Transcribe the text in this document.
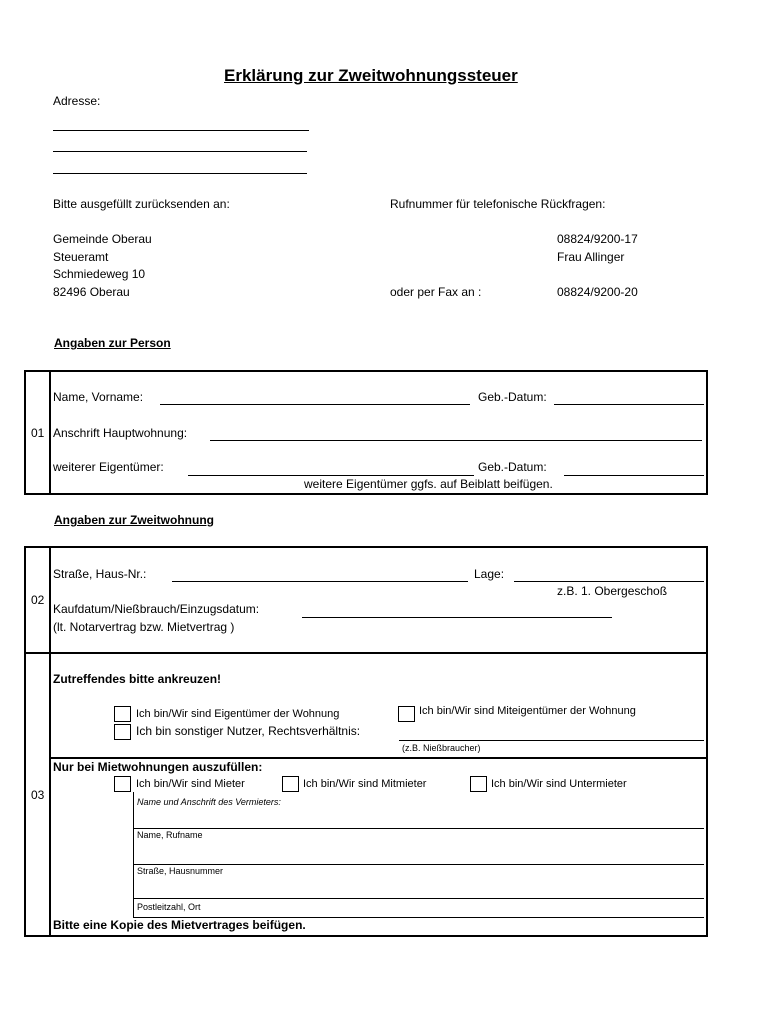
Erklärung zur Zweitwohnungssteuer
Adresse:
Bitte ausgefüllt zurücksenden an:	Rufnummer für telefonische Rückfragen:
Gemeinde Oberau
Steueramt
Schmiedeweg 10
82496 Oberau
08824/9200-17
Frau Allinger
oder per Fax an :	08824/9200-20
Angaben zur Person
01
Name, Vorname:	Geb.-Datum:
Anschrift Hauptwohnung:
weiterer Eigentümer:	Geb.-Datum:
weitere Eigentümer ggfs. auf Beiblatt beifügen.
Angaben zur Zweitwohnung
02
Straße, Haus-Nr.:	Lage:
z.B. 1. Obergeschoß
Kaufdatum/Nießbrauch/Einzugsdatum:
(lt. Notarvertrag bzw. Mietvertrag )
03
Zutreffendes bitte ankreuzen!
Ich bin/Wir sind Eigentümer der Wohnung	Ich bin/Wir sind Miteigentümer der Wohnung
Ich bin sonstiger Nutzer, Rechtsverhältnis:
(z.B. Nießbraucher)
Nur bei Mietwohnungen auszufüllen:
Ich bin/Wir sind Mieter	Ich bin/Wir sind Mitmieter	Ich bin/Wir sind Untermieter
Name und Anschrift des Vermieters:
Name, Rufname
Straße, Hausnummer
Postleitzahl, Ort
Bitte eine Kopie des Mietvertrages beifügen.
